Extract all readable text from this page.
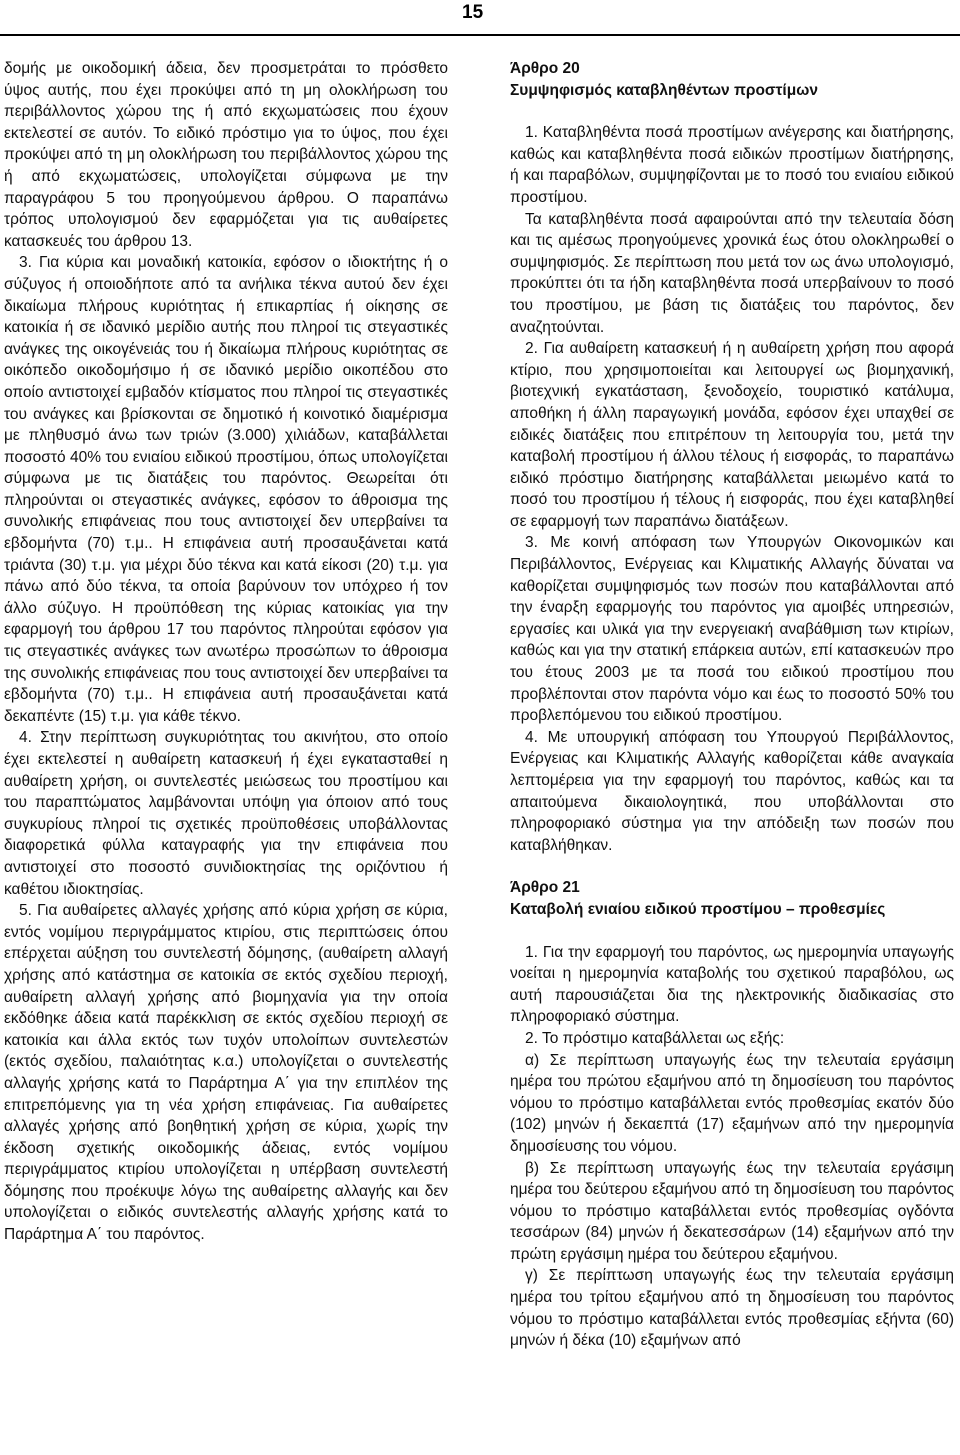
15

δομής με οικοδομική άδεια, δεν προσμετράται το πρόσθετο ύψος αυτής, που έχει προκύψει από τη μη ολοκλήρωση του περιβάλλοντος χώρου της ή από εκχωματώσεις που έχουν εκτελεστεί σε αυτόν. Το ειδικό πρόστιμο για το ύψος, που έχει προκύψει από τη μη ολοκλήρωση του περιβάλλοντος χώρου της ή από εκχωματώσεις, υπολογίζεται σύμφωνα με την παραγράφου 5 του προηγούμενου άρθρου. Ο παραπάνω τρόπος υπολογισμού δεν εφαρμόζεται για τις αυθαίρετες κατασκευές του άρθρου 13.

3. Για κύρια και μοναδική κατοικία, εφόσον ο ιδιοκτήτης ή ο σύζυγος ή οποιοδήποτε από τα ανήλικα τέκνα αυτού δεν έχει δικαίωμα πλήρους κυριότητας ή επικαρπίας ή οίκησης σε κατοικία ή σε ιδανικό μερίδιο αυτής που πληροί τις στεγαστικές ανάγκες της οικογένειάς του ή δικαίωμα πλήρους κυριότητας σε οικόπεδο οικοδομήσιμο ή σε ιδανικό μερίδιο οικοπέδου στο οποίο αντιστοιχεί εμβαδόν κτίσματος που πληροί τις στεγαστικές του ανάγκες και βρίσκονται σε δημοτικό ή κοινοτικό διαμέρισμα με πληθυσμό άνω των τριών (3.000) χιλιάδων, καταβάλλεται ποσοστό 40% του ενιαίου ειδικού προστίμου, όπως υπολογίζεται σύμφωνα με τις διατάξεις του παρόντος. Θεωρείται ότι πληρούνται οι στεγαστικές ανάγκες, εφόσον το άθροισμα της συνολικής επιφάνειας που τους αντιστοιχεί δεν υπερβαίνει τα εβδομήντα (70) τ.μ.. Η επιφάνεια αυτή προσαυξάνεται κατά τριάντα (30) τ.μ. για μέχρι δύο τέκνα και κατά είκοσι (20) τ.μ. για πάνω από δύο τέκνα, τα οποία βαρύνουν τον υπόχρεο ή τον άλλο σύζυγο. Η προϋπόθεση της κύριας κατοικίας για την εφαρμογή του άρθρου 17 του παρόντος πληρούται εφόσον για τις στεγαστικές ανάγκες των ανωτέρω προσώπων το άθροισμα της συνολικής επιφάνειας που τους αντιστοιχεί δεν υπερβαίνει τα εβδομήντα (70) τ.μ.. Η επιφάνεια αυτή προσαυξάνεται κατά δεκαπέντε (15) τ.μ. για κάθε τέκνο.

4. Στην περίπτωση συγκυριότητας του ακινήτου, στο οποίο έχει εκτελεστεί η αυθαίρετη κατασκευή ή έχει εγκατασταθεί η αυθαίρετη χρήση, οι συντελεστές μειώσεως του προστίμου και του παραπτώματος λαμβάνονται υπόψη για όποιον από τους συγκυρίους πληροί τις σχετικές προϋποθέσεις υποβάλλοντας διαφορετικά φύλλα καταγραφής για την επιφάνεια που αντιστοιχεί στο ποσοστό συνιδιοκτησίας της οριζόντιου ή καθέτου ιδιοκτησίας.

5. Για αυθαίρετες αλλαγές χρήσης από κύρια χρήση σε κύρια, εντός νομίμου περιγράμματος κτιρίου, στις περιπτώσεις όπου επέρχεται αύξηση του συντελεστή δόμησης, (αυθαίρετη αλλαγή χρήσης από κατάστημα σε κατοικία σε εκτός σχεδίου περιοχή, αυθαίρετη αλλαγή χρήσης από βιομηχανία για την οποία εκδόθηκε άδεια κατά παρέκκλιση σε εκτός σχεδίου περιοχή σε κατοικία και άλλα εκτός των τυχόν υπολοίπων συντελεστών (εκτός σχεδίου, παλαιότητας κ.α.) υπολογίζεται ο συντελεστής αλλαγής χρήσης κατά το Παράρτημα Α΄ για την επιπλέον της επιτρεπόμενης για τη νέα χρήση επιφάνειας. Για αυθαίρετες αλλαγές χρήσης από βοηθητική χρήση σε κύρια, χωρίς την έκδοση σχετικής οικοδομικής άδειας, εντός νομίμου περιγράμματος κτιρίου υπολογίζεται η υπέρβαση συντελεστή δόμησης που προέκυψε λόγω της αυθαίρετης αλλαγής και δεν υπολογίζεται ο ειδικός συντελεστής αλλαγής χρήσης κατά το Παράρτημα Α΄ του παρόντος.

Άρθρο 20

Συμψηφισμός καταβληθέντων προστίμων

1. Καταβληθέντα ποσά προστίμων ανέγερσης και διατήρησης, καθώς και καταβληθέντα ποσά ειδικών προστίμων διατήρησης, ή και παραβόλων, συμψηφίζονται με το ποσό του ενιαίου ειδικού προστίμου.

Τα καταβληθέντα ποσά αφαιρούνται από την τελευταία δόση και τις αμέσως προηγούμενες χρονικά έως ότου ολοκληρωθεί ο συμψηφισμός. Σε περίπτωση που μετά τον ως άνω υπολογισμό, προκύπτει ότι τα ήδη καταβληθέντα ποσά υπερβαίνουν το ποσό του προστίμου, με βάση τις διατάξεις του παρόντος, δεν αναζητούνται.

2. Για αυθαίρετη κατασκευή ή η αυθαίρετη χρήση που αφορά κτίριο, που χρησιμοποιείται και λειτουργεί ως βιομηχανική, βιοτεχνική εγκατάσταση, ξενοδοχείο, τουριστικό κατάλυμα, αποθήκη ή άλλη παραγωγική μονάδα, εφόσον έχει υπαχθεί σε ειδικές διατάξεις που επιτρέπουν τη λειτουργία του, μετά την καταβολή προστίμου ή άλλου τέλους ή εισφοράς, το παραπάνω ειδικό πρόστιμο διατήρησης καταβάλλεται μειωμένο κατά το ποσό του προστίμου ή τέλους ή εισφοράς, που έχει καταβληθεί σε εφαρμογή των παραπάνω διατάξεων.

3. Με κοινή απόφαση των Υπουργών Οικονομικών και Περιβάλλοντος, Ενέργειας και Κλιματικής Αλλαγής δύναται να καθορίζεται συμψηφισμός των ποσών που καταβάλλονται από την έναρξη εφαρμογής του παρόντος για αμοιβές υπηρεσιών, εργασίες και υλικά για την ενεργειακή αναβάθμιση των κτιρίων, καθώς και για την στατική επάρκεια αυτών, επί κατασκευών προ του έτους 2003 με τα ποσά του ειδικού προστίμου που προβλέπονται στον παρόντα νόμο και έως το ποσοστό 50% του προβλεπόμενου του ειδικού προστίμου.

4. Με υπουργική απόφαση του Υπουργού Περιβάλλοντος, Ενέργειας και Κλιματικής Αλλαγής καθορίζεται κάθε αναγκαία λεπτομέρεια για την εφαρμογή του παρόντος, καθώς και τα απαιτούμενα δικαιολογητικά, που υποβάλλονται στο πληροφοριακό σύστημα για την απόδειξη των ποσών που καταβλήθηκαν.

Άρθρο 21

Καταβολή ενιαίου ειδικού προστίμου – προθεσμίες

1. Για την εφαρμογή του παρόντος, ως ημερομηνία υπαγωγής νοείται η ημερομηνία καταβολής του σχετικού παραβόλου, ως αυτή παρουσιάζεται δια της ηλεκτρονικής διαδικασίας στο πληροφοριακό σύστημα.

2. Το πρόστιμο καταβάλλεται ως εξής:

α) Σε περίπτωση υπαγωγής έως την τελευταία εργάσιμη ημέρα του πρώτου εξαμήνου από τη δημοσίευση του παρόντος νόμου το πρόστιμο καταβάλλεται εντός προθεσμίας εκατόν δύο (102) μηνών ή δεκαεπτά (17) εξαμήνων από την ημερομηνία δημοσίευσης του νόμου.

β) Σε περίπτωση υπαγωγής έως την τελευταία εργάσιμη ημέρα του δεύτερου εξαμήνου από τη δημοσίευση του παρόντος νόμου το πρόστιμο καταβάλλεται εντός προθεσμίας ογδόντα τεσσάρων (84) μηνών ή δεκατεσσάρων (14) εξαμήνων από την πρώτη εργάσιμη ημέρα του δεύτερου εξαμήνου.

γ) Σε περίπτωση υπαγωγής έως την τελευταία εργάσιμη ημέρα του τρίτου εξαμήνου από τη δημοσίευση του παρόντος νόμου το πρόστιμο καταβάλλεται εντός προθεσμίας εξήντα (60) μηνών ή δέκα (10) εξαμήνων από
